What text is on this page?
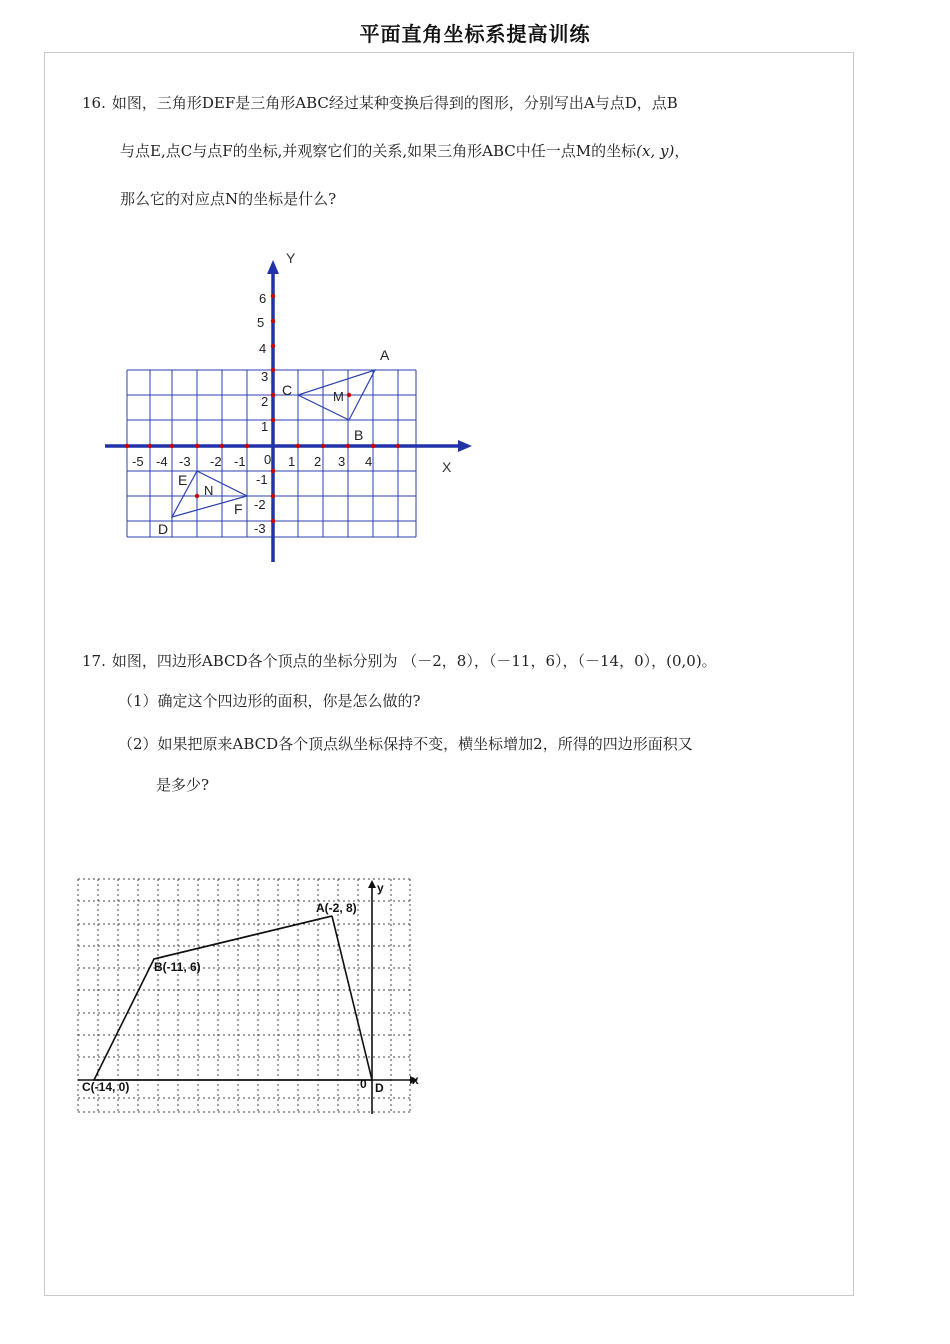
平面直角坐标系提高训练
16. 如图，三角形DEF是三角形ABC经过某种变换后得到的图形，分别写出A与点D，点B
与点E,点C与点F的坐标,并观察它们的关系,如果三角形ABC中任一点M的坐标(x, y)，
那么它的对应点N的坐标是什么?
Y
X
-5 -4 -3 -2 -1 0 1 2 3 4
1
2
3
4
5
6
-1
-2
-3
A
B
C	M
D
E
F
N
17. 如图，四边形ABCD各个顶点的坐标分别为 （－2，8），（－11，6），（－14，0），(0,0)。
（1）确定这个四边形的面积，你是怎么做的?
（2）如果把原来ABCD各个顶点纵坐标保持不变，横坐标增加2，所得的四边形面积又
是多少?
A(-2, 8)
B(-11, 6)
C(-14, 0)	0 D
x
y
